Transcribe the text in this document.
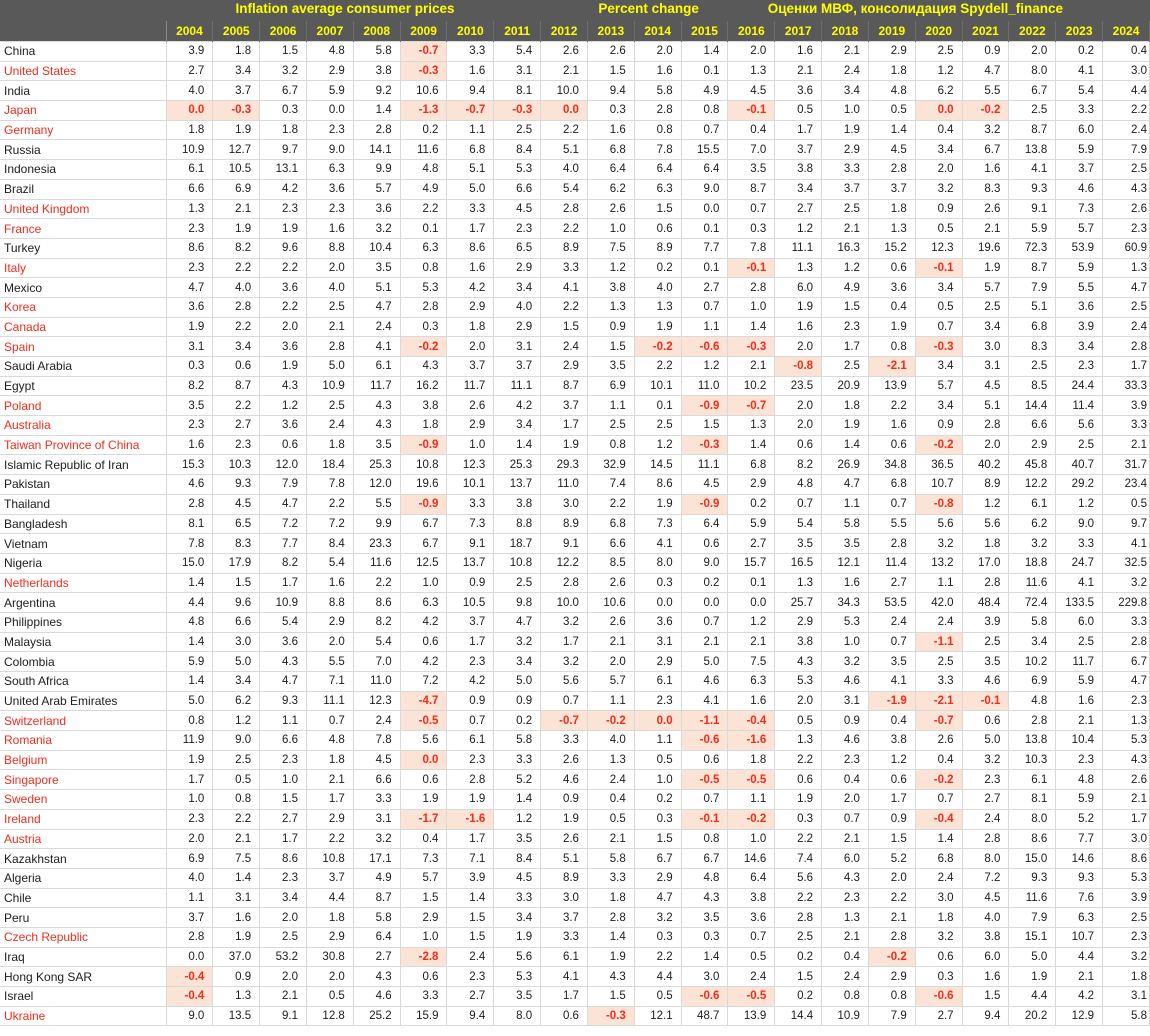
Inflation average consumer prices	Percent change	Оценки МВФ, консолидация Spydell_finance
	2004	2005	2006	2007	2008	2009	2010	2011	2012	2013	2014	2015	2016	2017	2018	2019	2020	2021	2022	2023	2024
China	3.9	1.8	1.5	4.8	5.8	-0.7	3.3	5.4	2.6	2.6	2.0	1.4	2.0	1.6	2.1	2.9	2.5	0.9	2.0	0.2	0.4
United States	2.7	3.4	3.2	2.9	3.8	-0.3	1.6	3.1	2.1	1.5	1.6	0.1	1.3	2.1	2.4	1.8	1.2	4.7	8.0	4.1	3.0
India	4.0	3.7	6.7	5.9	9.2	10.6	9.4	8.1	10.0	9.4	5.8	4.9	4.5	3.6	3.4	4.8	6.2	5.5	6.7	5.4	4.4
Japan	0.0	-0.3	0.3	0.0	1.4	-1.3	-0.7	-0.3	0.0	0.3	2.8	0.8	-0.1	0.5	1.0	0.5	0.0	-0.2	2.5	3.3	2.2
Germany	1.8	1.9	1.8	2.3	2.8	0.2	1.1	2.5	2.2	1.6	0.8	0.7	0.4	1.7	1.9	1.4	0.4	3.2	8.7	6.0	2.4
Russia	10.9	12.7	9.7	9.0	14.1	11.6	6.8	8.4	5.1	6.8	7.8	15.5	7.0	3.7	2.9	4.5	3.4	6.7	13.8	5.9	7.9
Indonesia	6.1	10.5	13.1	6.3	9.9	4.8	5.1	5.3	4.0	6.4	6.4	6.4	3.5	3.8	3.3	2.8	2.0	1.6	4.1	3.7	2.5
Brazil	6.6	6.9	4.2	3.6	5.7	4.9	5.0	6.6	5.4	6.2	6.3	9.0	8.7	3.4	3.7	3.7	3.2	8.3	9.3	4.6	4.3
United Kingdom	1.3	2.1	2.3	2.3	3.6	2.2	3.3	4.5	2.8	2.6	1.5	0.0	0.7	2.7	2.5	1.8	0.9	2.6	9.1	7.3	2.6
France	2.3	1.9	1.9	1.6	3.2	0.1	1.7	2.3	2.2	1.0	0.6	0.1	0.3	1.2	2.1	1.3	0.5	2.1	5.9	5.7	2.3
Turkey	8.6	8.2	9.6	8.8	10.4	6.3	8.6	6.5	8.9	7.5	8.9	7.7	7.8	11.1	16.3	15.2	12.3	19.6	72.3	53.9	60.9
Italy	2.3	2.2	2.2	2.0	3.5	0.8	1.6	2.9	3.3	1.2	0.2	0.1	-0.1	1.3	1.2	0.6	-0.1	1.9	8.7	5.9	1.3
Mexico	4.7	4.0	3.6	4.0	5.1	5.3	4.2	3.4	4.1	3.8	4.0	2.7	2.8	6.0	4.9	3.6	3.4	5.7	7.9	5.5	4.7
Korea	3.6	2.8	2.2	2.5	4.7	2.8	2.9	4.0	2.2	1.3	1.3	0.7	1.0	1.9	1.5	0.4	0.5	2.5	5.1	3.6	2.5
Canada	1.9	2.2	2.0	2.1	2.4	0.3	1.8	2.9	1.5	0.9	1.9	1.1	1.4	1.6	2.3	1.9	0.7	3.4	6.8	3.9	2.4
Spain	3.1	3.4	3.6	2.8	4.1	-0.2	2.0	3.1	2.4	1.5	-0.2	-0.6	-0.3	2.0	1.7	0.8	-0.3	3.0	8.3	3.4	2.8
Saudi Arabia	0.3	0.6	1.9	5.0	6.1	4.3	3.7	3.7	2.9	3.5	2.2	1.2	2.1	-0.8	2.5	-2.1	3.4	3.1	2.5	2.3	1.7
Egypt	8.2	8.7	4.3	10.9	11.7	16.2	11.7	11.1	8.7	6.9	10.1	11.0	10.2	23.5	20.9	13.9	5.7	4.5	8.5	24.4	33.3
Poland	3.5	2.2	1.2	2.5	4.3	3.8	2.6	4.2	3.7	1.1	0.1	-0.9	-0.7	2.0	1.8	2.2	3.4	5.1	14.4	11.4	3.9
Australia	2.3	2.7	3.6	2.4	4.3	1.8	2.9	3.4	1.7	2.5	2.5	1.5	1.3	2.0	1.9	1.6	0.9	2.8	6.6	5.6	3.3
Taiwan Province of China	1.6	2.3	0.6	1.8	3.5	-0.9	1.0	1.4	1.9	0.8	1.2	-0.3	1.4	0.6	1.4	0.6	-0.2	2.0	2.9	2.5	2.1
Islamic Republic of Iran	15.3	10.3	12.0	18.4	25.3	10.8	12.3	25.3	29.3	32.9	14.5	11.1	6.8	8.2	26.9	34.8	36.5	40.2	45.8	40.7	31.7
Pakistan	4.6	9.3	7.9	7.8	12.0	19.6	10.1	13.7	11.0	7.4	8.6	4.5	2.9	4.8	4.7	6.8	10.7	8.9	12.2	29.2	23.4
Thailand	2.8	4.5	4.7	2.2	5.5	-0.9	3.3	3.8	3.0	2.2	1.9	-0.9	0.2	0.7	1.1	0.7	-0.8	1.2	6.1	1.2	0.5
Bangladesh	8.1	6.5	7.2	7.2	9.9	6.7	7.3	8.8	8.9	6.8	7.3	6.4	5.9	5.4	5.8	5.5	5.6	5.6	6.2	9.0	9.7
Vietnam	7.8	8.3	7.7	8.4	23.3	6.7	9.1	18.7	9.1	6.6	4.1	0.6	2.7	3.5	3.5	2.8	3.2	1.8	3.2	3.3	4.1
Nigeria	15.0	17.9	8.2	5.4	11.6	12.5	13.7	10.8	12.2	8.5	8.0	9.0	15.7	16.5	12.1	11.4	13.2	17.0	18.8	24.7	32.5
Netherlands	1.4	1.5	1.7	1.6	2.2	1.0	0.9	2.5	2.8	2.6	0.3	0.2	0.1	1.3	1.6	2.7	1.1	2.8	11.6	4.1	3.2
Argentina	4.4	9.6	10.9	8.8	8.6	6.3	10.5	9.8	10.0	10.6	0.0	0.0	0.0	25.7	34.3	53.5	42.0	48.4	72.4	133.5	229.8
Philippines	4.8	6.6	5.4	2.9	8.2	4.2	3.7	4.7	3.2	2.6	3.6	0.7	1.2	2.9	5.3	2.4	2.4	3.9	5.8	6.0	3.3
Malaysia	1.4	3.0	3.6	2.0	5.4	0.6	1.7	3.2	1.7	2.1	3.1	2.1	2.1	3.8	1.0	0.7	-1.1	2.5	3.4	2.5	2.8
Colombia	5.9	5.0	4.3	5.5	7.0	4.2	2.3	3.4	3.2	2.0	2.9	5.0	7.5	4.3	3.2	3.5	2.5	3.5	10.2	11.7	6.7
South Africa	1.4	3.4	4.7	7.1	11.0	7.2	4.2	5.0	5.6	5.7	6.1	4.6	6.3	5.3	4.6	4.1	3.3	4.6	6.9	5.9	4.7
United Arab Emirates	5.0	6.2	9.3	11.1	12.3	-4.7	0.9	0.9	0.7	1.1	2.3	4.1	1.6	2.0	3.1	-1.9	-2.1	-0.1	4.8	1.6	2.3
Switzerland	0.8	1.2	1.1	0.7	2.4	-0.5	0.7	0.2	-0.7	-0.2	0.0	-1.1	-0.4	0.5	0.9	0.4	-0.7	0.6	2.8	2.1	1.3
Romania	11.9	9.0	6.6	4.8	7.8	5.6	6.1	5.8	3.3	4.0	1.1	-0.6	-1.6	1.3	4.6	3.8	2.6	5.0	13.8	10.4	5.3
Belgium	1.9	2.5	2.3	1.8	4.5	0.0	2.3	3.3	2.6	1.3	0.5	0.6	1.8	2.2	2.3	1.2	0.4	3.2	10.3	2.3	4.3
Singapore	1.7	0.5	1.0	2.1	6.6	0.6	2.8	5.2	4.6	2.4	1.0	-0.5	-0.5	0.6	0.4	0.6	-0.2	2.3	6.1	4.8	2.6
Sweden	1.0	0.8	1.5	1.7	3.3	1.9	1.9	1.4	0.9	0.4	0.2	0.7	1.1	1.9	2.0	1.7	0.7	2.7	8.1	5.9	2.1
Ireland	2.3	2.2	2.7	2.9	3.1	-1.7	-1.6	1.2	1.9	0.5	0.3	-0.1	-0.2	0.3	0.7	0.9	-0.4	2.4	8.0	5.2	1.7
Austria	2.0	2.1	1.7	2.2	3.2	0.4	1.7	3.5	2.6	2.1	1.5	0.8	1.0	2.2	2.1	1.5	1.4	2.8	8.6	7.7	3.0
Kazakhstan	6.9	7.5	8.6	10.8	17.1	7.3	7.1	8.4	5.1	5.8	6.7	6.7	14.6	7.4	6.0	5.2	6.8	8.0	15.0	14.6	8.6
Algeria	4.0	1.4	2.3	3.7	4.9	5.7	3.9	4.5	8.9	3.3	2.9	4.8	6.4	5.6	4.3	2.0	2.4	7.2	9.3	9.3	5.3
Chile	1.1	3.1	3.4	4.4	8.7	1.5	1.4	3.3	3.0	1.8	4.7	4.3	3.8	2.2	2.3	2.2	3.0	4.5	11.6	7.6	3.9
Peru	3.7	1.6	2.0	1.8	5.8	2.9	1.5	3.4	3.7	2.8	3.2	3.5	3.6	2.8	1.3	2.1	1.8	4.0	7.9	6.3	2.5
Czech Republic	2.8	1.9	2.5	2.9	6.4	1.0	1.5	1.9	3.3	1.4	0.3	0.3	0.7	2.5	2.1	2.8	3.2	3.8	15.1	10.7	2.3
Iraq	0.0	37.0	53.2	30.8	2.7	-2.8	2.4	5.6	6.1	1.9	2.2	1.4	0.5	0.2	0.4	-0.2	0.6	6.0	5.0	4.4	3.2
Hong Kong SAR	-0.4	0.9	2.0	2.0	4.3	0.6	2.3	5.3	4.1	4.3	4.4	3.0	2.4	1.5	2.4	2.9	0.3	1.6	1.9	2.1	1.8
Israel	-0.4	1.3	2.1	0.5	4.6	3.3	2.7	3.5	1.7	1.5	0.5	-0.6	-0.5	0.2	0.8	0.8	-0.6	1.5	4.4	4.2	3.1
Ukraine	9.0	13.5	9.1	12.8	25.2	15.9	9.4	8.0	0.6	-0.3	12.1	48.7	13.9	14.4	10.9	7.9	2.7	9.4	20.2	12.9	5.8
